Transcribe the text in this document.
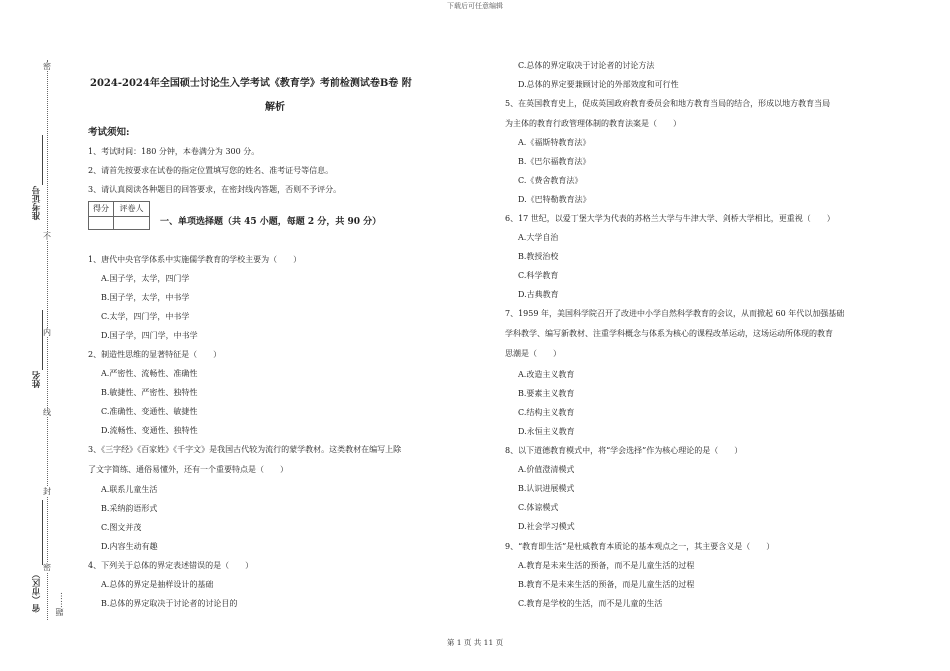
下载后可任意编辑
密
不
内
线
封
密
准考证号
姓名
省（市区） 题……
2024-2024年全国硕士讨论生入学考试《教育学》考前检测试卷B卷 附
解析
考试须知:
1、考试时间：180 分钟，本卷满分为 300 分。
2、请首先按要求在试卷的指定位置填写您的姓名、准考证号等信息。
3、请认真阅读各种题目的回答要求，在密封线内答题，否则不予评分。
得分	评卷人
一、单项选择题（共 45 小题，每题 2 分，共 90 分）
1、唐代中央官学体系中实施儒学教育的学校主要为（　　）
A.国子学，太学，四门学
B.国子学，太学，中书学
C.太学，四门学，中书学
D.国子学，四门学，中书学
2、制造性思维的显著特征是（　　）
A.严密性、流畅性、准确性
B.敏捷性、严密性、独特性
C.准确性、变通性、敏捷性
D.流畅性、变通性、独特性
3、《三字经》《百家姓》《千字文》是我国古代较为流行的蒙学教材。这类教材在编写上除
了文字简练、通俗易懂外，还有一个重要特点是（　　）
A.联系儿童生活
B.采纳韵语形式
C.图文并茂
D.内容生动有趣
4、下列关于总体的界定表述错误的是（　　）
A.总体的界定是抽样设计的基础
B.总体的界定取决于讨论者的讨论目的
C.总体的界定取决于讨论者的讨论方法
D.总体的界定要兼顾讨论的外部效度和可行性
5、在英国教育史上，促成英国政府教育委员会和地方教育当局的结合，形成以地方教育当局
为主体的教育行政管理体制的教育法案是（　　）
A.《福斯特教育法》
B.《巴尔福教育法》
C.《费舍教育法》
D.《巴特勒教育法》
6、17 世纪，以爱丁堡大学为代表的苏格兰大学与牛津大学、剑桥大学相比，更重视（　　）
A.大学自治
B.教授治校
C.科学教育
D.古典教育
7、1959 年，美国科学院召开了改进中小学自然科学教育的会议，从而掀起 60 年代以加强基础
学科教学、编写新教材、注重学科概念与体系为核心的课程改革运动，这场运动所体现的教育
思潮是（　　）
A.改造主义教育
B.要素主义教育
C.结构主义教育
D.永恒主义教育
8、以下道德教育模式中，将“学会选择”作为核心理论的是（　　）
A.价值澄清模式
B.认识进展模式
C.体谅模式
D.社会学习模式
9、“教育即生活”是杜威教育本质论的基本观点之一，其主要含义是（　　）
A.教育是未来生活的预备，而不是儿童生活的过程
B.教育不是未来生活的预备，而是儿童生活的过程
C.教育是学校的生活，而不是儿童的生活
第 1 页 共 11 页
